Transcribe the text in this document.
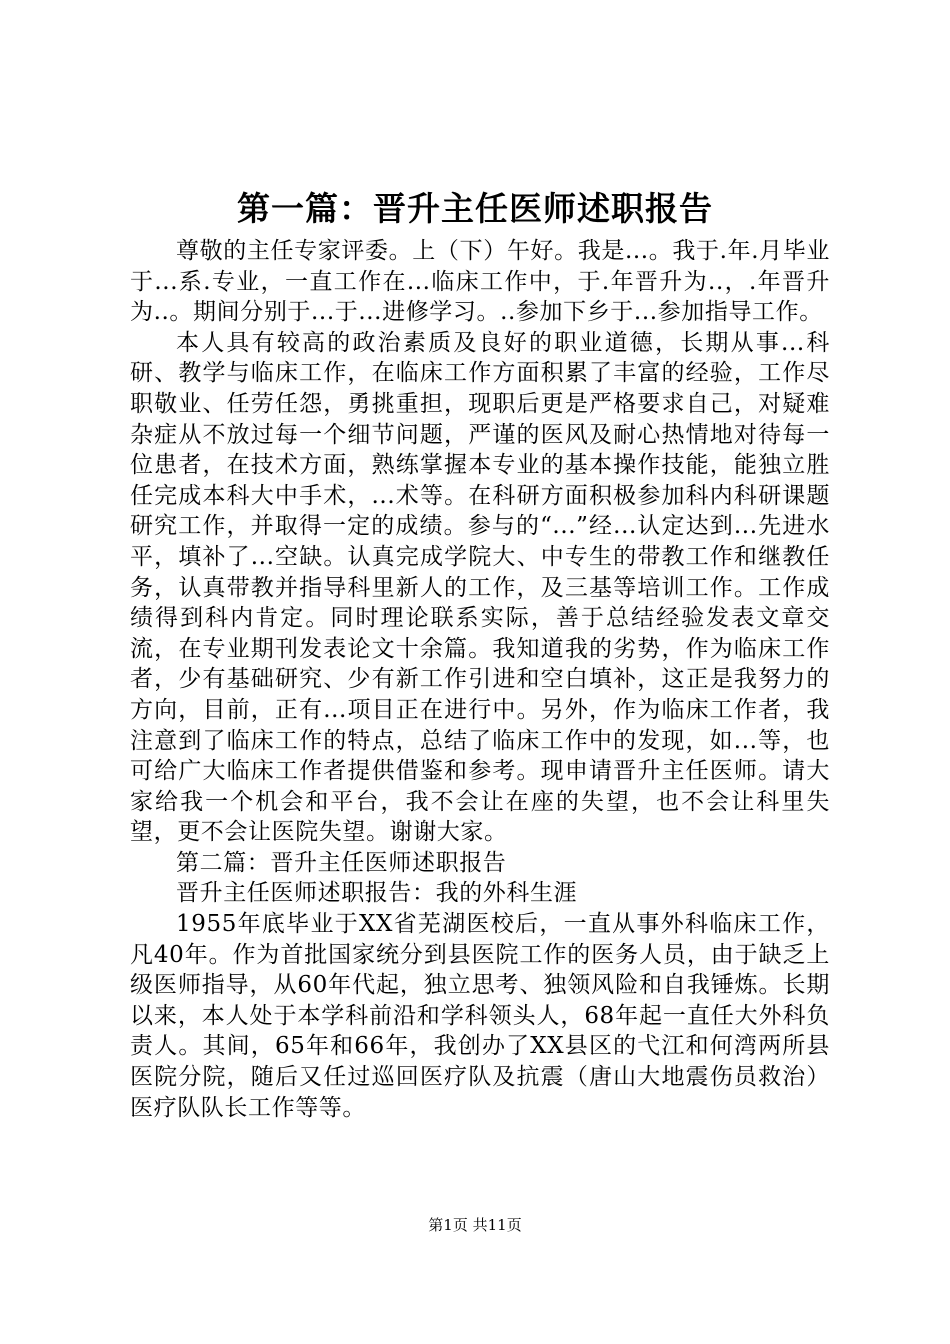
第一篇：晋升主任医师述职报告

尊敬的主任专家评委。上（下）午好。我是...。我于.年.月毕业于...系.专业，一直工作在...临床工作中，于.年晋升为..，.年晋升为..。期间分别于...于...进修学习。..参加下乡于...参加指导工作。

本人具有较高的政治素质及良好的职业道德，长期从事...科研、教学与临床工作，在临床工作方面积累了丰富的经验，工作尽职敬业、任劳任怨，勇挑重担，现职后更是严格要求自己，对疑难杂症从不放过每一个细节问题，严谨的医风及耐心热情地对待每一位患者，在技术方面，熟练掌握本专业的基本操作技能，能独立胜任完成本科大中手术，...术等。在科研方面积极参加科内科研课题研究工作，并取得一定的成绩。参与的“...”经...认定达到...先进水平，填补了...空缺。认真完成学院大、中专生的带教工作和继教任务，认真带教并指导科里新人的工作，及三基等培训工作。工作成绩得到科内肯定。同时理论联系实际，善于总结经验发表文章交流，在专业期刊发表论文十余篇。我知道我的劣势，作为临床工作者，少有基础研究、少有新工作引进和空白填补，这正是我努力的方向，目前，正有...项目正在进行中。另外，作为临床工作者，我注意到了临床工作的特点，总结了临床工作中的发现，如...等，也可给广大临床工作者提供借鉴和参考。现申请晋升主任医师。请大家给我一个机会和平台，我不会让在座的失望，也不会让科里失望，更不会让医院失望。谢谢大家。

第二篇：晋升主任医师述职报告

晋升主任医师述职报告：我的外科生涯

1955年底毕业于XX省芜湖医校后，一直从事外科临床工作，凡40年。作为首批国家统分到县医院工作的医务人员，由于缺乏上级医师指导，从60年代起，独立思考、独领风险和自我锤炼。长期以来，本人处于本学科前沿和学科领头人，68年起一直任大外科负责人。其间，65年和66年，我创办了XX县区的弋江和何湾两所县医院分院，随后又任过巡回医疗队及抗震（唐山大地震伤员救治）医疗队队长工作等等。

第1页 共11页
